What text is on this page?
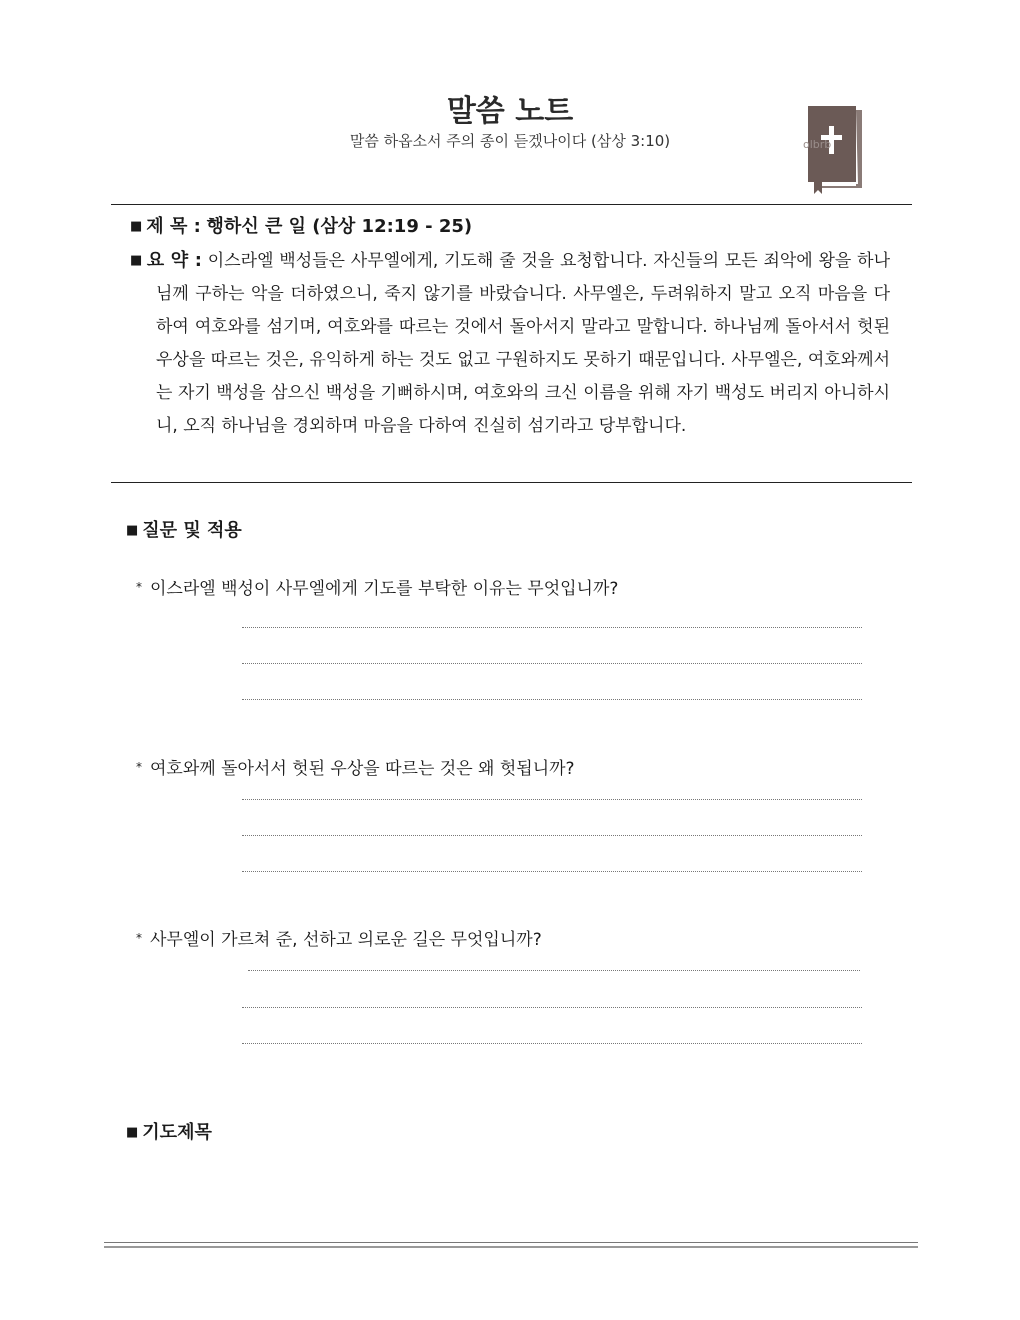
말씀 노트
말씀 하옵소서 주의 종이 듣겠나이다 (삼상 3:10)	olbrb
■ 제 목 : 행하신 큰 일 (삼상 12:19 - 25)
■ 요 약 : 이스라엘 백성들은 사무엘에게, 기도해 줄 것을 요청합니다. 자신들의 모든 죄악에 왕을 하나님께 구하는 악을 더하였으니, 죽지 않기를 바랐습니다. 사무엘은, 두려워하지 말고 오직 마음을 다하여 여호와를 섬기며, 여호와를 따르는 것에서 돌아서지 말라고 말합니다. 하나님께 돌아서서 헛된 우상을 따르는 것은, 유익하게 하는 것도 없고 구원하지도 못하기 때문입니다. 사무엘은, 여호와께서는 자기 백성을 삼으신 백성을 기뻐하시며, 여호와의 크신 이름을 위해 자기 백성도 버리지 아니하시니, 오직 하나님을 경외하며 마음을 다하여 진실히 섬기라고 당부합니다.
■ 질문 및 적용
* 이스라엘 백성이 사무엘에게 기도를 부탁한 이유는 무엇입니까?
* 여호와께 돌아서서 헛된 우상을 따르는 것은 왜 헛됩니까?
* 사무엘이 가르쳐 준, 선하고 의로운 길은 무엇입니까?
■ 기도제목
